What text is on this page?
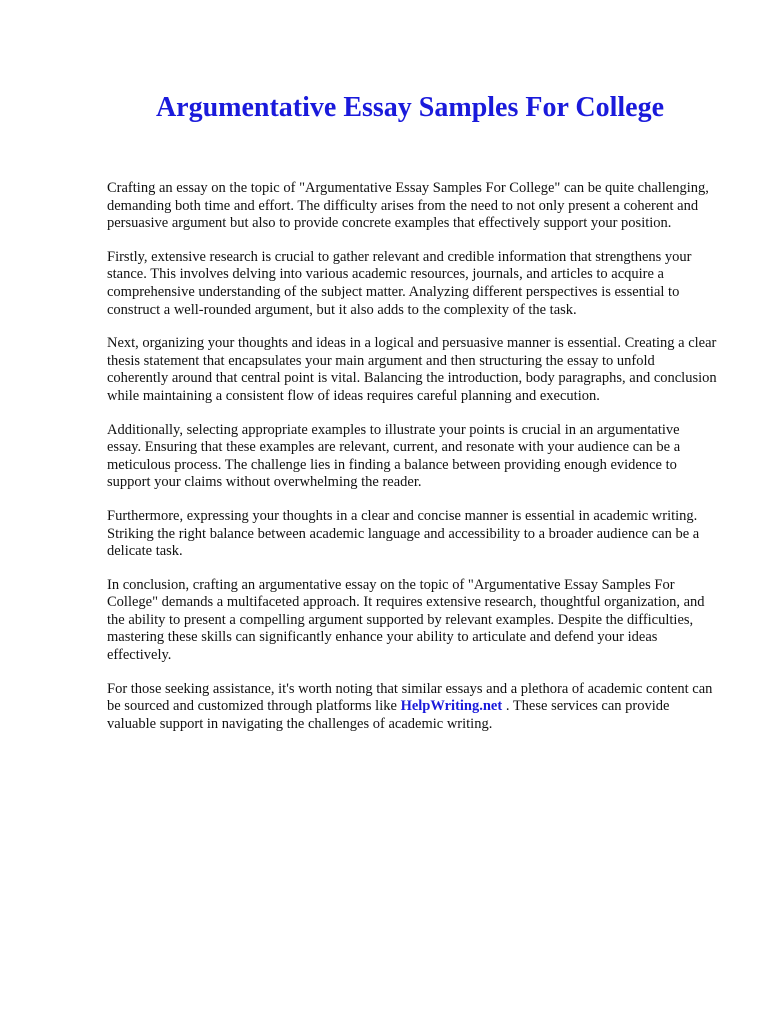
Argumentative Essay Samples For College

Crafting an essay on the topic of "Argumentative Essay Samples For College" can be quite challenging, demanding both time and effort. The difficulty arises from the need to not only present a coherent and persuasive argument but also to provide concrete examples that effectively support your position.

Firstly, extensive research is crucial to gather relevant and credible information that strengthens your stance. This involves delving into various academic resources, journals, and articles to acquire a comprehensive understanding of the subject matter. Analyzing different perspectives is essential to construct a well-rounded argument, but it also adds to the complexity of the task.

Next, organizing your thoughts and ideas in a logical and persuasive manner is essential. Creating a clear thesis statement that encapsulates your main argument and then structuring the essay to unfold coherently around that central point is vital. Balancing the introduction, body paragraphs, and conclusion while maintaining a consistent flow of ideas requires careful planning and execution.

Additionally, selecting appropriate examples to illustrate your points is crucial in an argumentative essay. Ensuring that these examples are relevant, current, and resonate with your audience can be a meticulous process. The challenge lies in finding a balance between providing enough evidence to support your claims without overwhelming the reader.

Furthermore, expressing your thoughts in a clear and concise manner is essential in academic writing. Striking the right balance between academic language and accessibility to a broader audience can be a delicate task.

In conclusion, crafting an argumentative essay on the topic of "Argumentative Essay Samples For College" demands a multifaceted approach. It requires extensive research, thoughtful organization, and the ability to present a compelling argument supported by relevant examples. Despite the difficulties, mastering these skills can significantly enhance your ability to articulate and defend your ideas effectively.

For those seeking assistance, it's worth noting that similar essays and a plethora of academic content can be sourced and customized through platforms like HelpWriting.net . These services can provide valuable support in navigating the challenges of academic writing.
